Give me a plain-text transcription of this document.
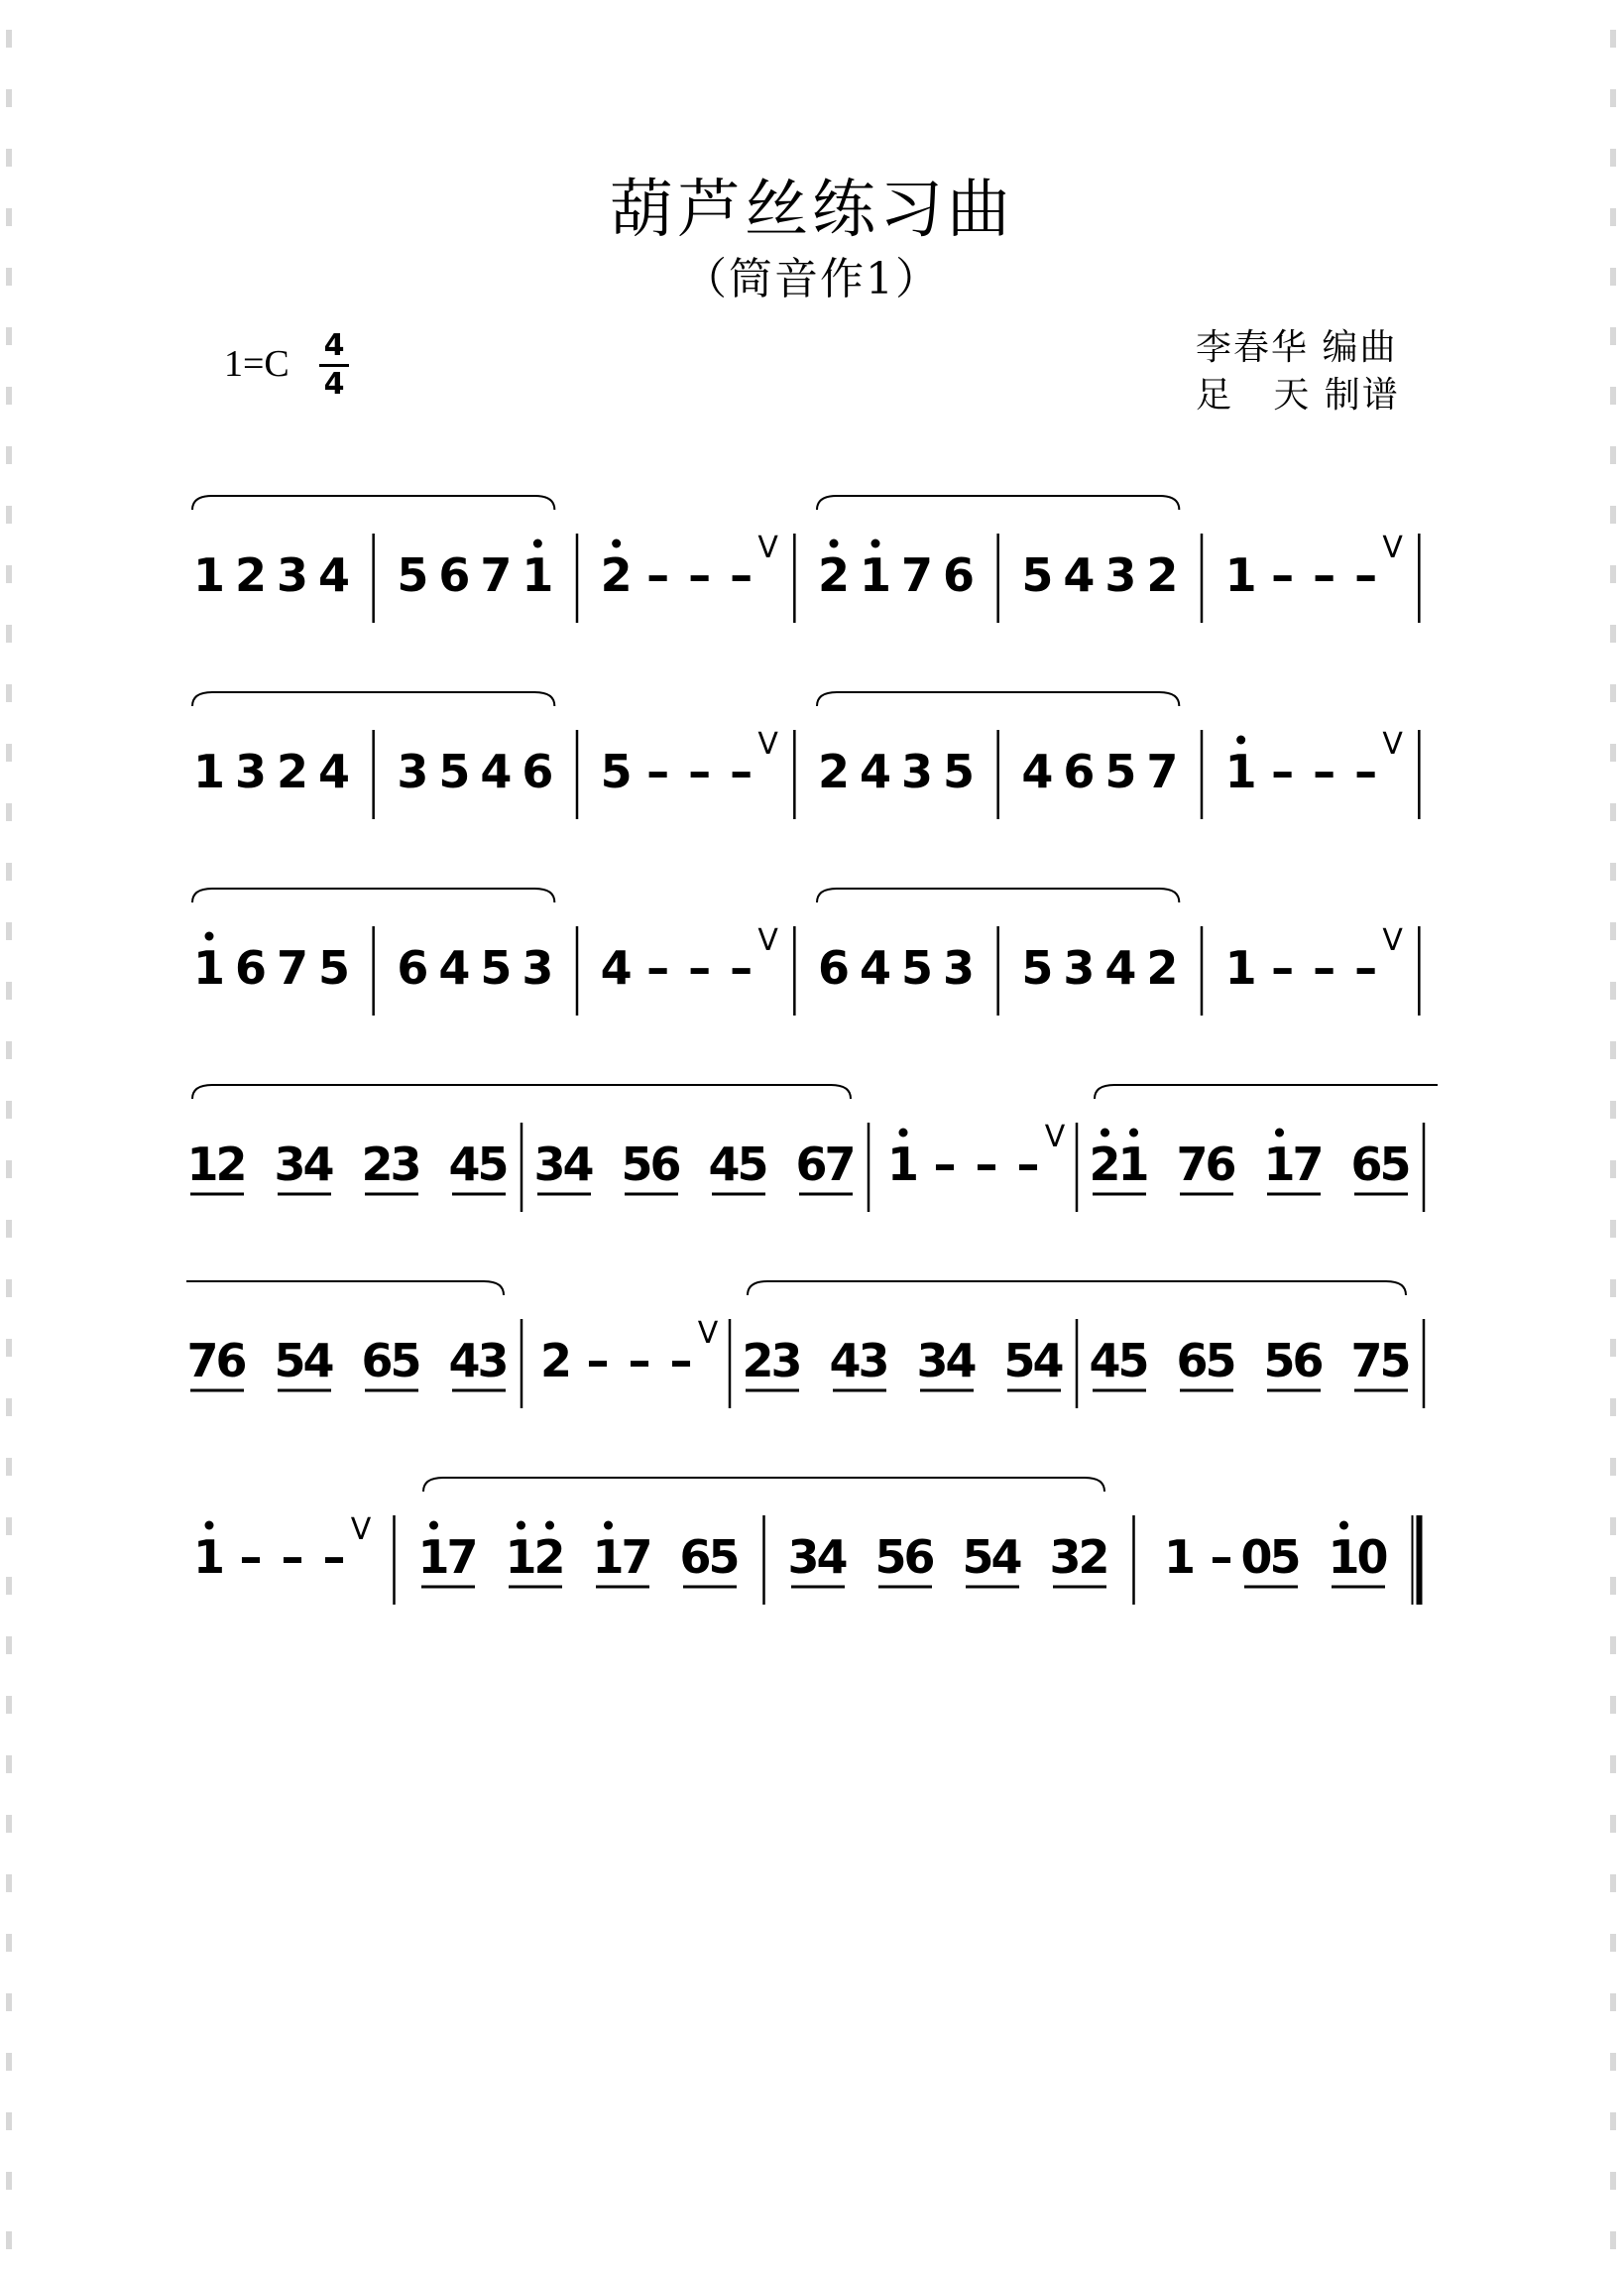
葫芦丝练习曲
（筒音作1）
1=C 4
4
李春华 编曲
足   天 制谱
1 2 3 4 5 6 7 1 2 – – –
V
2 1 7 6 5 4 3 2 1 – – –
V
1 3 2 4 3 5 4 6 5 – – –
V
2 4 3 5 4 6 5 7 1 – – –
V
1 6 7 5 6 4 5 3 4 – – –
V
6 4 5 3 5 3 4 2 1 – – –
V
1
2 3
4 2
3 4
5 3
4 5
6 4
5 6
7 1 – – –
V
2
1 7
6 1
7 6
5
7
6 5
4 6
5 4
3 2 – – –
V
2
3 4
3 3
4 5
4 4
5 6
5 5
6 7
5
1 – – –
V
1
7 1
2 1
7 6
5 3
4 5
6 5
4 3
2 1 – 0
5 1
0
